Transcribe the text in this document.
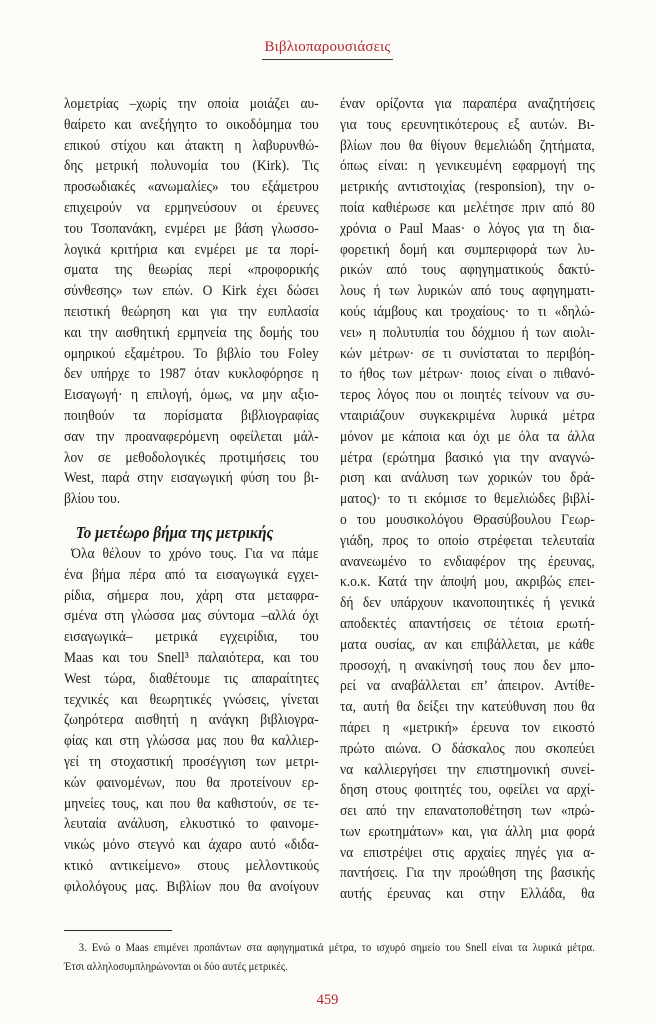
Βιβλιοπαρουσιάσεις
λομετρίας –χωρίς την οποία μοιάζει αυ-
θαίρετο και ανεξήγητο το οικοδόμημα του
επικού στίχου και άτακτη η λαβυρυνθώ-
δης μετρική πολυνομία του (Kirk). Τις
προσωδιακές «ανωμαλίες» του εξάμετρου
επιχειρούν να ερμηνεύσουν οι έρευνες
του Τσοπανάκη, ενμέρει με βάση γλωσσο-
λογικά κριτήρια και ενμέρει με τα πορί-
σματα της θεωρίας περί «προφορικής
σύνθεσης» των επών. Ο Kirk έχει δώσει
πειστική θεώρηση και για την ευπλασία
και την αισθητική ερμηνεία της δομής του
ομηρικού εξαμέτρου. Το βιβλίο του Foley
δεν υπήρχε το 1987 όταν κυκλοφόρησε η
Εισαγωγή· η επιλογή, όμως, να μην αξιο-
ποιηθούν τα πορίσματα βιβλιογραφίας
σαν την προαναφερόμενη οφείλεται μάλ-
λον σε μεθοδολογικές προτιμήσεις του
West, παρά στην εισαγωγική φύση του βι-
βλίου του.
Το μετέωρο βήμα της μετρικής
Όλα θέλουν το χρόνο τους. Για να πάμε
ένα βήμα πέρα από τα εισαγωγικά εγχει-
ρίδια, σήμερα που, χάρη στα μεταφρα-
σμένα στη γλώσσα μας σύντομα –αλλά όχι
εισαγωγικά– μετρικά εγχειρίδια, του
Maas και του Snell³ παλαιότερα, και του
West τώρα, διαθέτουμε τις απαραίτητες
τεχνικές και θεωρητικές γνώσεις, γίνεται
ζωηρότερα αισθητή η ανάγκη βιβλιογρα-
φίας και στη γλώσσα μας που θα καλλιερ-
γεί τη στοχαστική προσέγγιση των μετρι-
κών φαινομένων, που θα προτείνουν ερ-
μηνείες τους, και που θα καθιστούν, σε τε-
λευταία ανάλυση, ελκυστικό το φαινομε-
νικώς μόνο στεγνό και άχαρο αυτό «διδα-
κτικό αντικείμενο» στους μελλοντικούς
φιλολόγους μας. Βιβλίων που θα ανοίγουν
έναν ορίζοντα για παραπέρα αναζητήσεις
για τους ερευνητικότερους εξ αυτών. Βι-
βλίων που θα θίγουν θεμελιώδη ζητήματα,
όπως είναι: η γενικευμένη εφαρμογή της
μετρικής αντιστοιχίας (responsion), την ο-
ποία καθιέρωσε και μελέτησε πριν από 80
χρόνια ο Paul Maas· ο λόγος για τη δια-
φορετική δομή και συμπεριφορά των λυ-
ρικών από τους αφηγηματικούς δακτύ-
λους ή των λυρικών από τους αφηγηματι-
κούς ιάμβους και τροχαίους· το τι «δηλώ-
νει» η πολυτυπία του δόχμιου ή των αιολι-
κών μέτρων· σε τι συνίσταται το περιβόη-
το ήθος των μέτρων· ποιος είναι ο πιθανό-
τερος λόγος που οι ποιητές τείνουν να συ-
νταιριάζουν συγκεκριμένα λυρικά μέτρα
μόνον με κάποια και όχι με όλα τα άλλα
μέτρα (ερώτημα βασικό για την αναγνώ-
ριση και ανάλυση των χορικών του δρά-
ματος)· το τι εκόμισε το θεμελιώδες βιβλί-
ο του μουσικολόγου Θρασύβουλου Γεωρ-
γιάδη, προς το οποίο στρέφεται τελευταία
ανανεωμένο το ενδιαφέρον της έρευνας,
κ.ο.κ. Κατά την άποψή μου, ακριβώς επει-
δή δεν υπάρχουν ικανοποιητικές ή γενικά
αποδεκτές απαντήσεις σε τέτοια ερωτή-
ματα ουσίας, αν και επιβάλλεται, με κάθε
προσοχή, η ανακίνησή τους που δεν μπο-
ρεί να αναβάλλεται επ’ άπειρον. Αντίθε-
τα, αυτή θα δείξει την κατεύθυνση που θα
πάρει η «μετρική» έρευνα τον εικοστό
πρώτο αιώνα. Ο δάσκαλος που σκοπεύει
να καλλιεργήσει την επιστημονική συνεί-
δηση στους φοιτητές του, οφείλει να αρχί-
σει από την επανατοποθέτηση των «πρώ-
των ερωτημάτων» και, για άλλη μια φορά
να επιστρέψει στις αρχαίες πηγές για α-
παντήσεις. Για την προώθηση της βασικής
αυτής έρευνας και στην Ελλάδα, θα
3. Ενώ ο Maas επιμένει προπάντων στα αφηγηματικά μέτρα, το ισχυρό σημείο του Snell είναι τα λυρικά μέτρα.
Έτσι αλληλοσυμπληρώνονται οι δύο αυτές μετρικές.
459
